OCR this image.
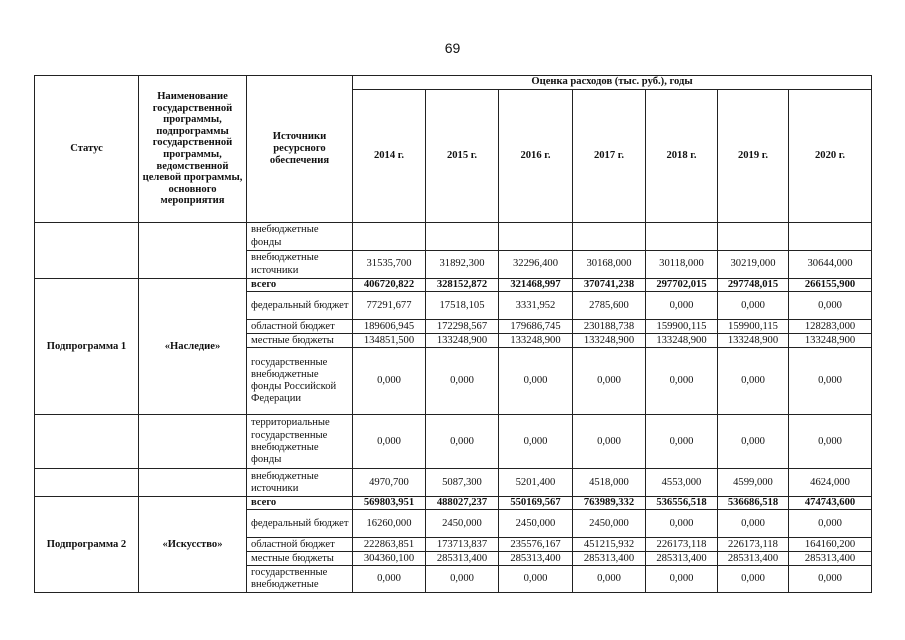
69
Статус	Наименование государственной программы, подпрограммы государственной программы, ведомственной целевой программы, основного мероприятия	Источники ресурсного обеспечения	Оценка расходов (тыс. руб.), годы						
			2014 г.	2015 г.	2016 г.	2017 г.	2018 г.	2019 г.	2020 г.
		внебюджетные фонды							
		внебюджетные источники	31535,700	31892,300	32296,400	30168,000	30118,000	30219,000	30644,000
Подпрограмма 1	«Наследие»	всего	406720,822	328152,872	321468,997	370741,238	297702,015	297748,015	266155,900
		федеральный бюджет	77291,677	17518,105	3331,952	2785,600	0,000	0,000	0,000
		областной бюджет	189606,945	172298,567	179686,745	230188,738	159900,115	159900,115	128283,000
		местные бюджеты	134851,500	133248,900	133248,900	133248,900	133248,900	133248,900	133248,900
		государственные внебюджетные фонды Российской Федерации	0,000	0,000	0,000	0,000	0,000	0,000	0,000
		территориальные государственные внебюджетные фонды	0,000	0,000	0,000	0,000	0,000	0,000	0,000
		внебюджетные источники	4970,700	5087,300	5201,400	4518,000	4553,000	4599,000	4624,000
Подпрограмма 2	«Искусство»	всего	569803,951	488027,237	550169,567	763989,332	536556,518	536686,518	474743,600
		федеральный бюджет	16260,000	2450,000	2450,000	2450,000	0,000	0,000	0,000
		областной бюджет	222863,851	173713,837	235576,167	451215,932	226173,118	226173,118	164160,200
		местные бюджеты	304360,100	285313,400	285313,400	285313,400	285313,400	285313,400	285313,400
		государственные внебюджетные	0,000	0,000	0,000	0,000	0,000	0,000	0,000
